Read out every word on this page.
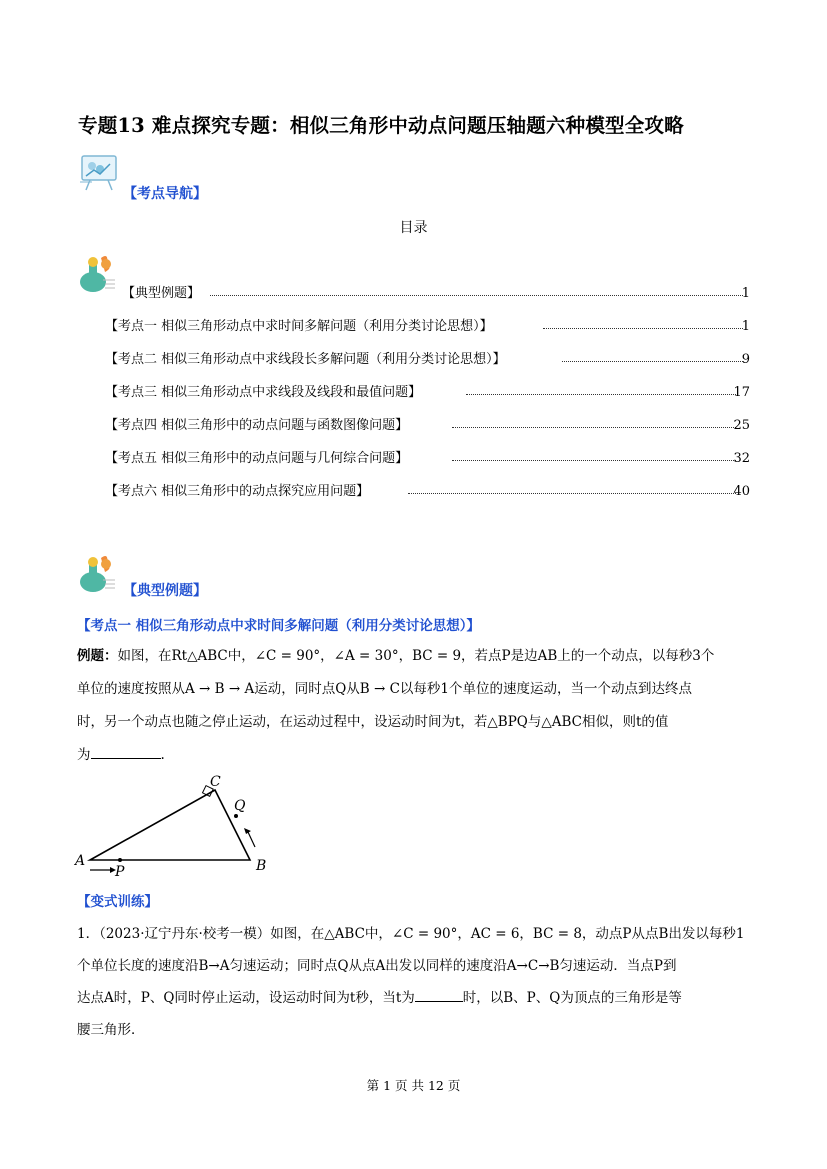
专题13 难点探究专题：相似三角形中动点问题压轴题六种模型全攻略
【考点导航】
目录
【典型例题】	1
【考点一 相似三角形动点中求时间多解问题（利用分类讨论思想）】	1
【考点二 相似三角形动点中求线段长多解问题（利用分类讨论思想）】	9
【考点三 相似三角形动点中求线段及线段和最值问题】	17
【考点四 相似三角形中的动点问题与函数图像问题】	25
【考点五 相似三角形中的动点问题与几何综合问题】	32
【考点六 相似三角形中的动点探究应用问题】	40
【典型例题】
【考点一 相似三角形动点中求时间多解问题（利用分类讨论思想）】
例题：如图，在Rt△ABC中，∠C = 90°，∠A = 30°，BC = 9，若点P是边AB上的一个动点，以每秒3个
单位的速度按照从A → B → A运动，同时点Q从B → C以每秒1个单位的速度运动，当一个动点到达终点
时，另一个动点也随之停止运动，在运动过程中，设运动时间为t，若△BPQ与△ABC相似，则t的值
为	.
A	B
C
P
Q
【变式训练】
1．（2023·辽宁丹东·校考一模）如图，在△ABC中，∠C = 90°，AC = 6，BC = 8，动点P从点B出发以每秒1
个单位长度的速度沿B→A匀速运动；同时点Q从点A出发以同样的速度沿A→C→B匀速运动．当点P到
达点A时，P、Q同时停止运动，设运动时间为t秒，当t为	时，以B、P、Q为顶点的三角形是等
腰三角形．
第 1 页 共 12 页
